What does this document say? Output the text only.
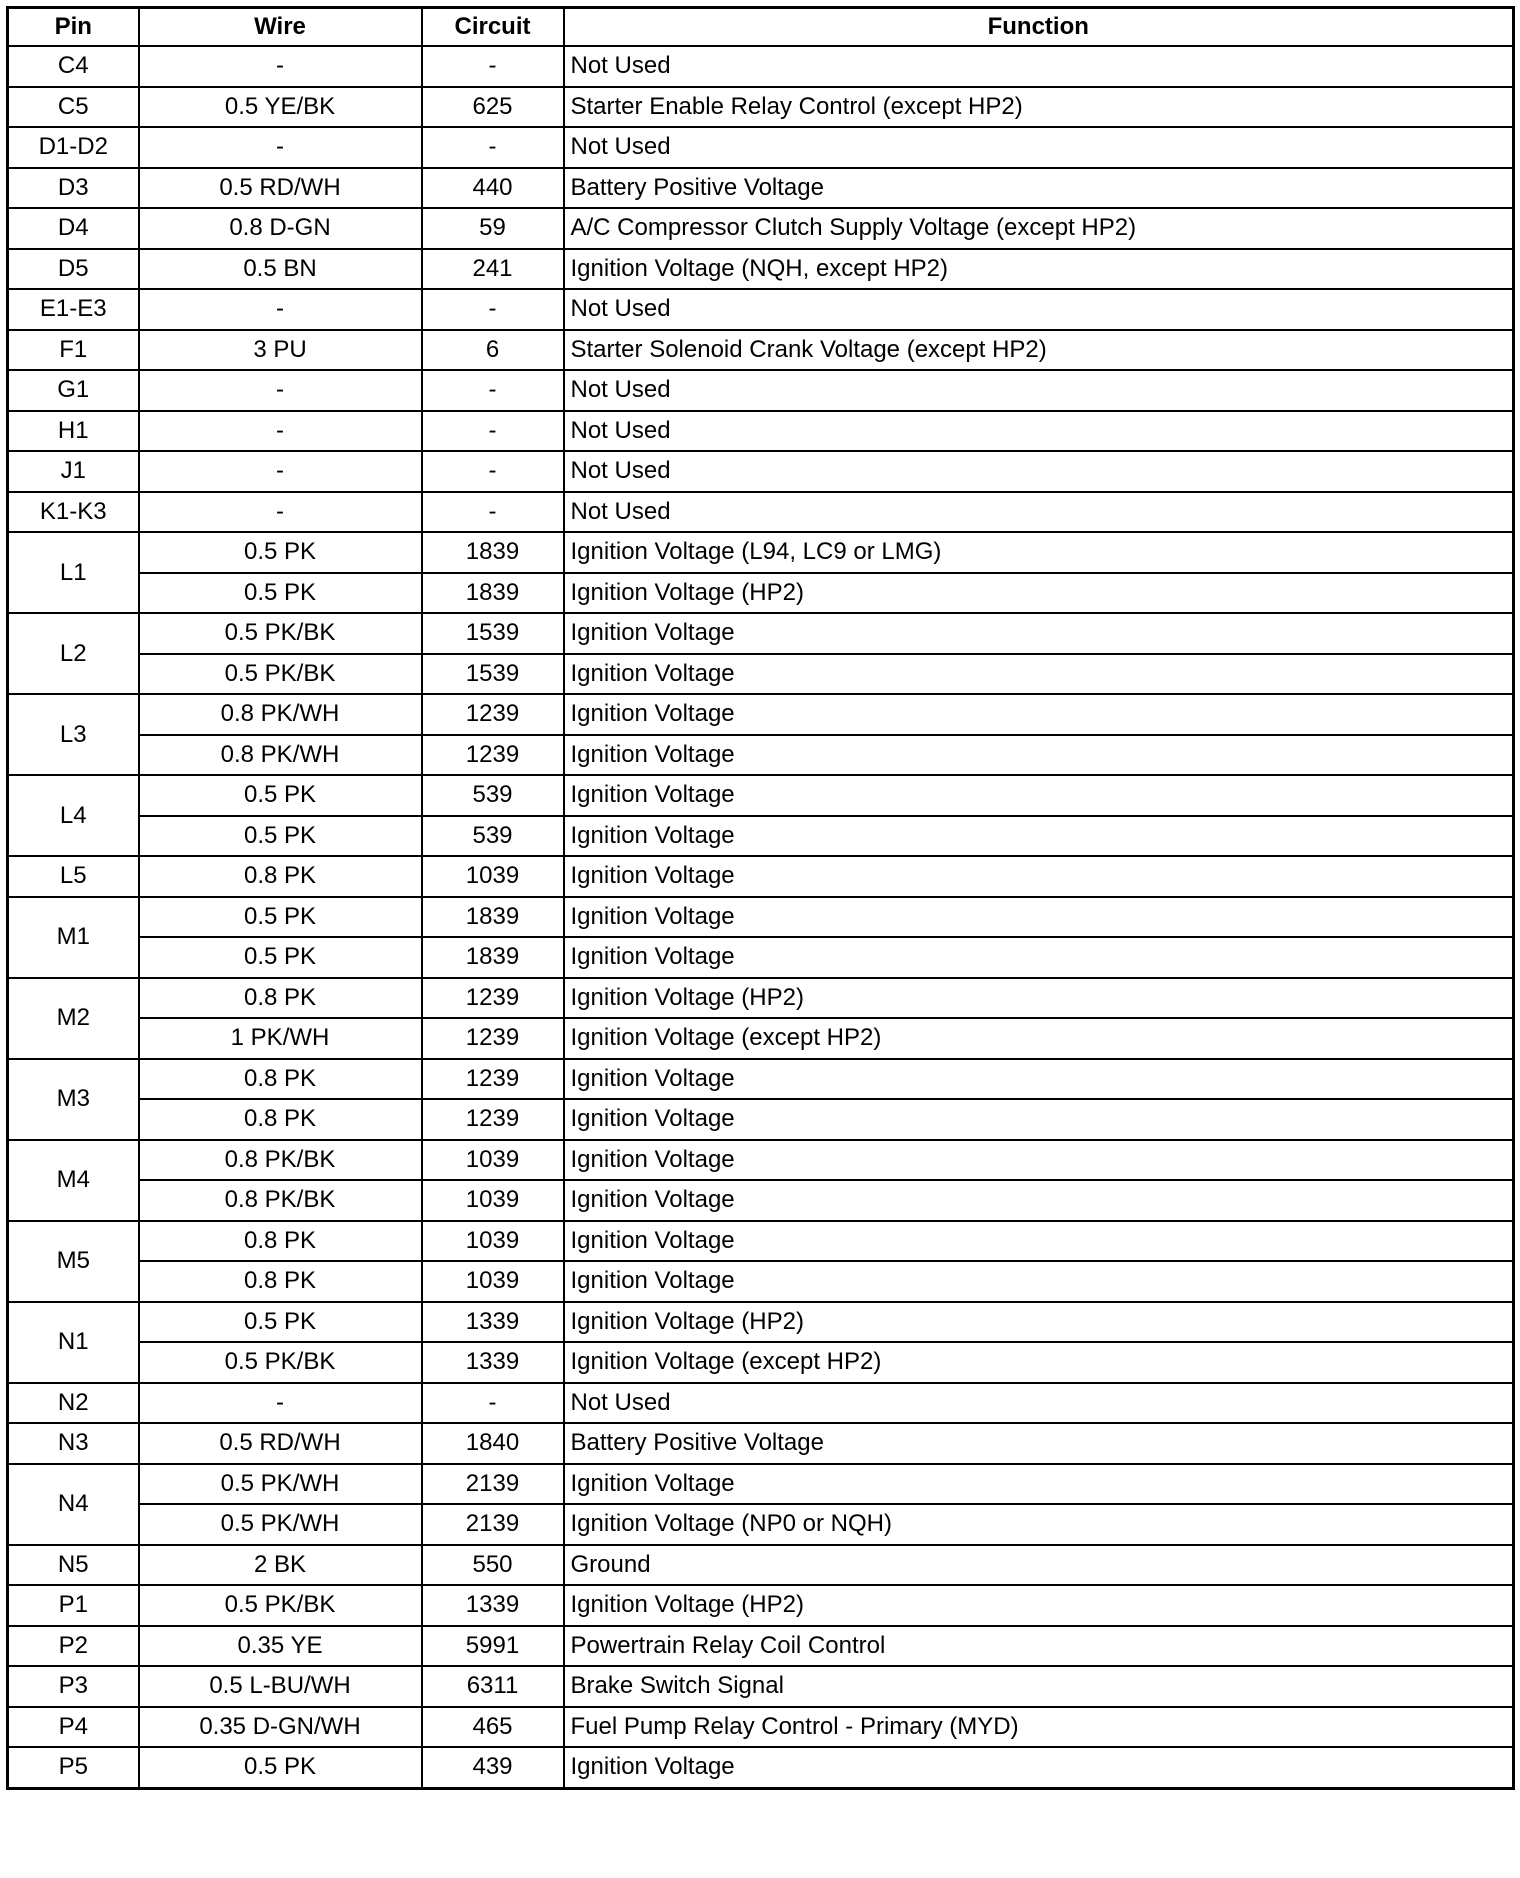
Pin	Wire	Circuit	Function
C4	-	-	Not Used
C5	0.5 YE/BK	625	Starter Enable Relay Control (except HP2)
D1-D2	-	-	Not Used
D3	0.5 RD/WH	440	Battery Positive Voltage
D4	0.8 D-GN	59	A/C Compressor Clutch Supply Voltage (except HP2)
D5	0.5 BN	241	Ignition Voltage (NQH, except HP2)
E1-E3	-	-	Not Used
F1	3 PU	6	Starter Solenoid Crank Voltage (except HP2)
G1	-	-	Not Used
H1	-	-	Not Used
J1	-	-	Not Used
K1-K3	-	-	Not Used
L1	0.5 PK	1839	Ignition Voltage (L94, LC9 or LMG)
	0.5 PK	1839	Ignition Voltage (HP2)
L2	0.5 PK/BK	1539	Ignition Voltage
	0.5 PK/BK	1539	Ignition Voltage
L3	0.8 PK/WH	1239	Ignition Voltage
	0.8 PK/WH	1239	Ignition Voltage
L4	0.5 PK	539	Ignition Voltage
	0.5 PK	539	Ignition Voltage
L5	0.8 PK	1039	Ignition Voltage
M1	0.5 PK	1839	Ignition Voltage
	0.5 PK	1839	Ignition Voltage
M2	0.8 PK	1239	Ignition Voltage (HP2)
	1 PK/WH	1239	Ignition Voltage (except HP2)
M3	0.8 PK	1239	Ignition Voltage
	0.8 PK	1239	Ignition Voltage
M4	0.8 PK/BK	1039	Ignition Voltage
	0.8 PK/BK	1039	Ignition Voltage
M5	0.8 PK	1039	Ignition Voltage
	0.8 PK	1039	Ignition Voltage
N1	0.5 PK	1339	Ignition Voltage (HP2)
	0.5 PK/BK	1339	Ignition Voltage (except HP2)
N2	-	-	Not Used
N3	0.5 RD/WH	1840	Battery Positive Voltage
N4	0.5 PK/WH	2139	Ignition Voltage
	0.5 PK/WH	2139	Ignition Voltage (NP0 or NQH)
N5	2 BK	550	Ground
P1	0.5 PK/BK	1339	Ignition Voltage (HP2)
P2	0.35 YE	5991	Powertrain Relay Coil Control
P3	0.5 L-BU/WH	6311	Brake Switch Signal
P4	0.35 D-GN/WH	465	Fuel Pump Relay Control - Primary (MYD)
P5	0.5 PK	439	Ignition Voltage
